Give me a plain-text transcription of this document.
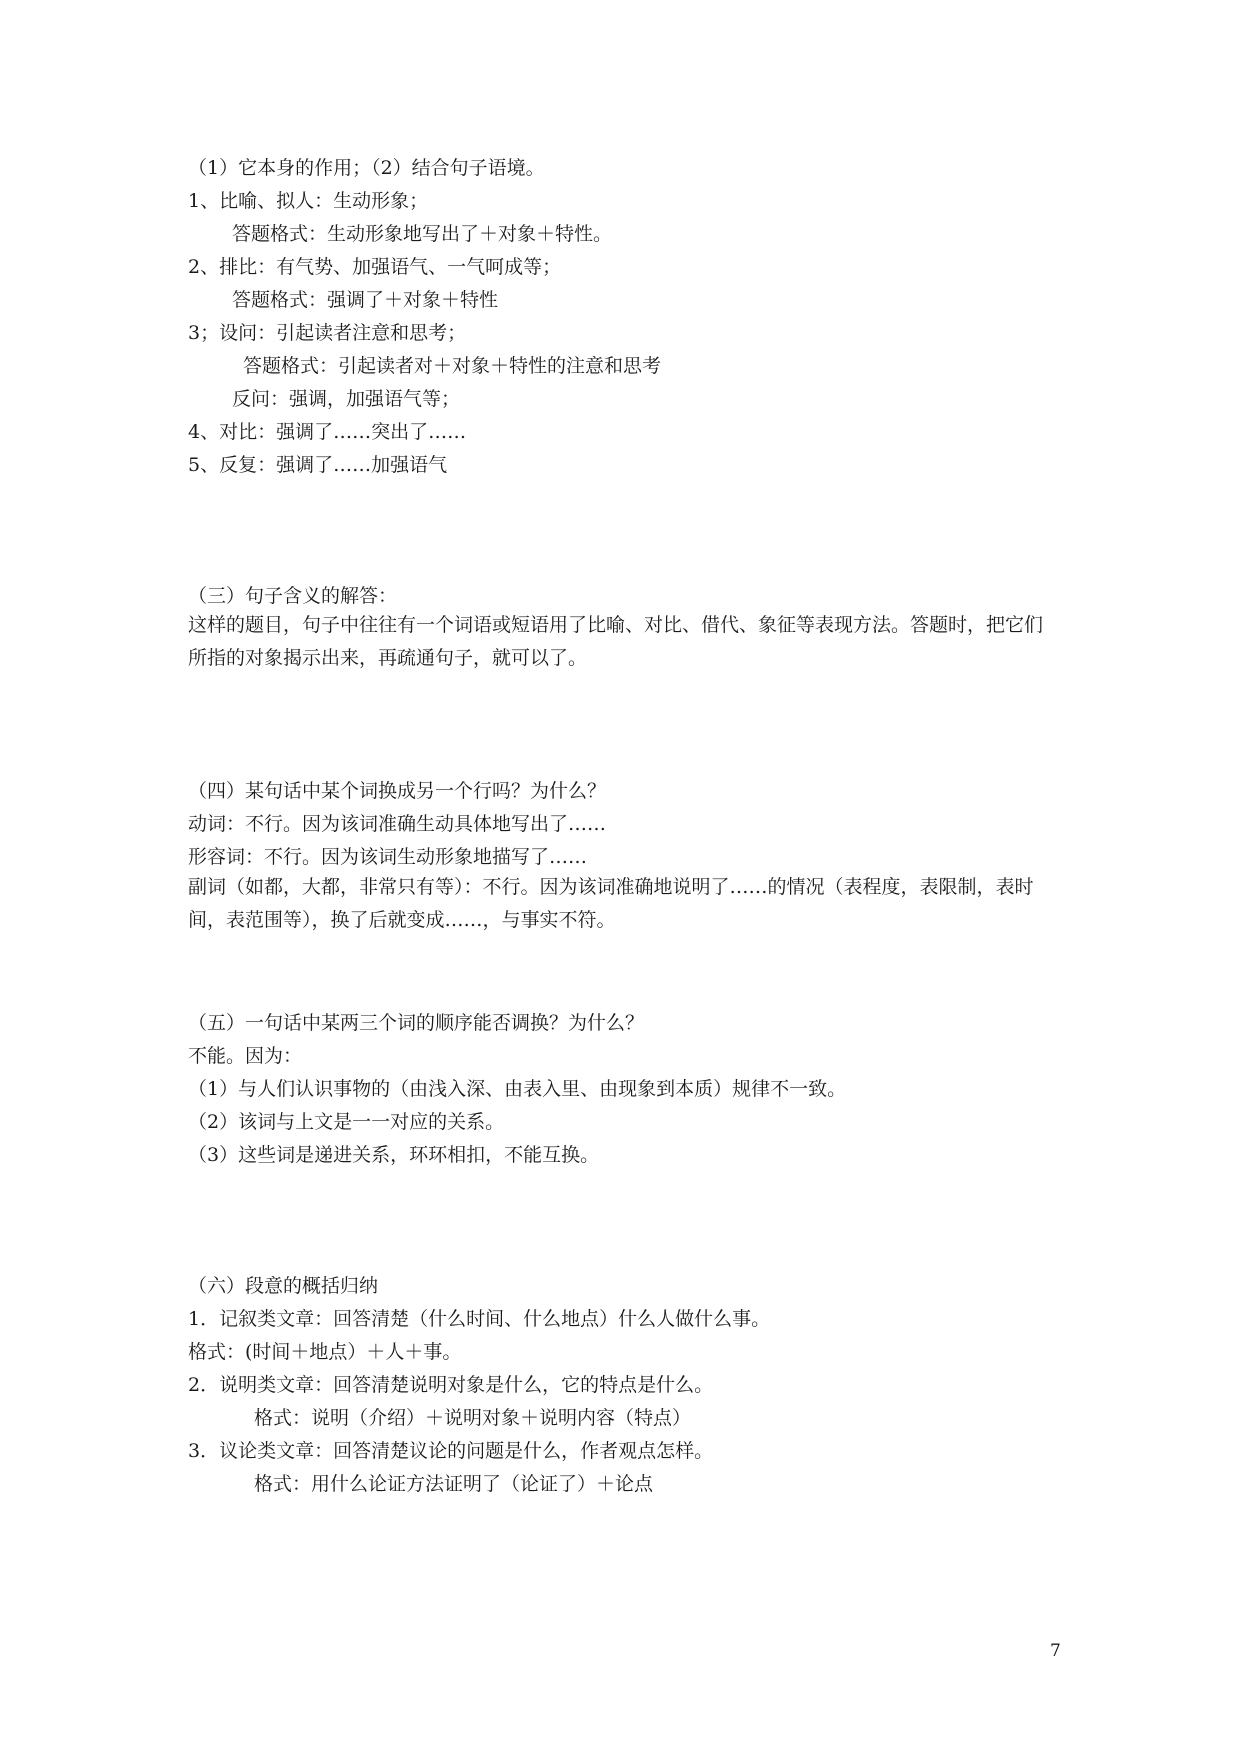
（1）它本身的作用；（2）结合句子语境。
1、比喻、拟人：生动形象；
答题格式：生动形象地写出了＋对象＋特性。
2、排比：有气势、加强语气、一气呵成等；
答题格式：强调了＋对象＋特性
3；设问：引起读者注意和思考；
答题格式：引起读者对＋对象＋特性的注意和思考
反问：强调，加强语气等；
4、对比：强调了……突出了……
5、反复：强调了……加强语气
（三）句子含义的解答：
这样的题目，句子中往往有一个词语或短语用了比喻、对比、借代、象征等表现方法。答题时，把它们所指的对象揭示出来，再疏通句子，就可以了。
（四）某句话中某个词换成另一个行吗？为什么？
动词：不行。因为该词准确生动具体地写出了……
形容词：不行。因为该词生动形象地描写了……
副词（如都，大都，非常只有等）：不行。因为该词准确地说明了……的情况（表程度，表限制，表时间，表范围等），换了后就变成……，与事实不符。
（五）一句话中某两三个词的顺序能否调换？为什么？
不能。因为：
（1）与人们认识事物的（由浅入深、由表入里、由现象到本质）规律不一致。
（2）该词与上文是一一对应的关系。
（3）这些词是递进关系，环环相扣，不能互换。
（六）段意的概括归纳
1．记叙类文章：回答清楚（什么时间、什么地点）什么人做什么事。
格式：(时间＋地点）＋人＋事。
2．说明类文章：回答清楚说明对象是什么，它的特点是什么。
格式：说明（介绍）＋说明对象＋说明内容（特点）
3．议论类文章：回答清楚议论的问题是什么，作者观点怎样。
格式：用什么论证方法证明了（论证了）＋论点
7
